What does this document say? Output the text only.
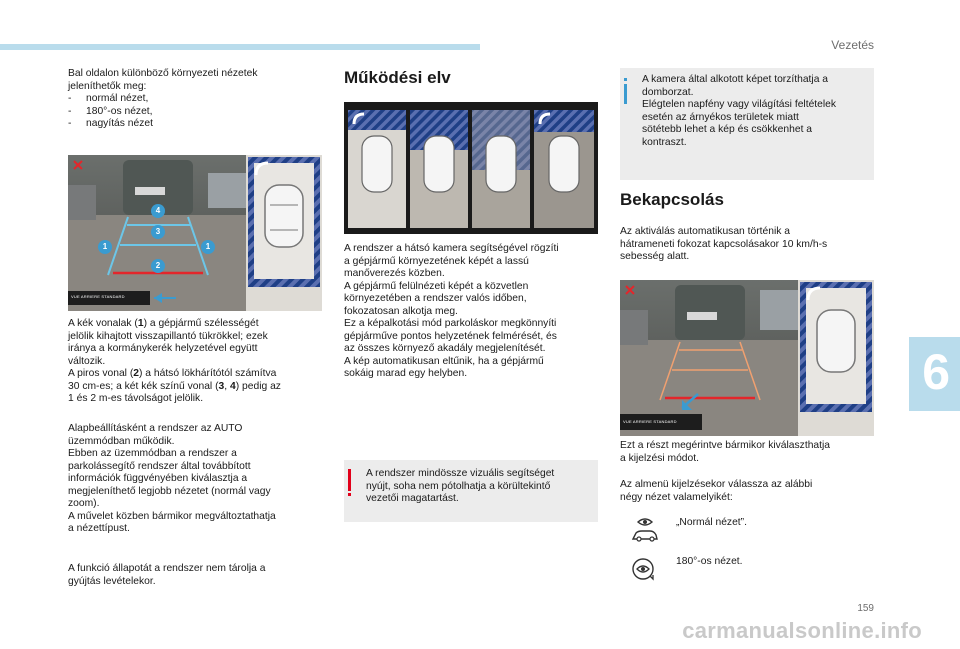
Vezetés

Bal oldalon különböző környezeti nézetek

jeleníthetők meg:

- normál nézet,
- 180°-os nézet,
- nagyítás nézet
VUE ARRIERE STANDARD
4
3
1	1
2

A kék vonalak (1) a gépjármű szélességét

jelölik kihajtott visszapillantó tükrökkel; ezek

iránya a kormánykerék helyzetével együtt

változik.

A piros vonal (2) a hátsó lökhárítótól számítva

30 cm-es; a két kék színű vonal (3, 4) pedig az

1 és 2 m-es távolságot jelölik.

Alapbeállításként a rendszer az AUTO

üzemmódban működik.

Ebben az üzemmódban a rendszer a

parkolássegítő rendszer által továbbított

információk függvényében kiválasztja a

megjeleníthető legjobb nézetet (normál vagy

zoom).

A művelet közben bármikor megváltoztathatja

a nézettípust.

A funkció állapotát a rendszer nem tárolja a

gyújtás levételekor.

Működési elv

A rendszer a hátsó kamera segítségével rögzíti

a gépjármű környezetének képét a lassú

manőverezés közben.

A gépjármű felülnézeti képét a közvetlen

környezetében a rendszer valós időben,

fokozatosan alkotja meg.

Ez a képalkotási mód parkoláskor megkönnyíti

gépjárműve pontos helyzetének felmérését, és

az összes környező akadály megjelenítését.

A kép automatikusan eltűnik, ha a gépjármű

sokáig marad egy helyben.

A rendszer mindössze vizuális segítséget

nyújt, soha nem pótolhatja a körültekintő

vezetői magatartást.

A kamera által alkotott képet torzíthatja a

domborzat.

Elégtelen napfény vagy világítási feltételek

esetén az árnyékos területek miatt

sötétebb lehet a kép és csökkenhet a

kontraszt.

Bekapcsolás

Az aktiválás automatikusan történik a

hátrameneti fokozat kapcsolásakor 10 km/h-s

sebesség alatt.

VUE ARRIERE STANDARD

Ezt a részt megérintve bármikor kiválaszthatja

a kijelzési módot.

Az almenü kijelzésekor válassza az alábbi

négy nézet valamelyikét:

„Normál nézet”.
180°-os nézet.
6
159
carmanualsonline.info
